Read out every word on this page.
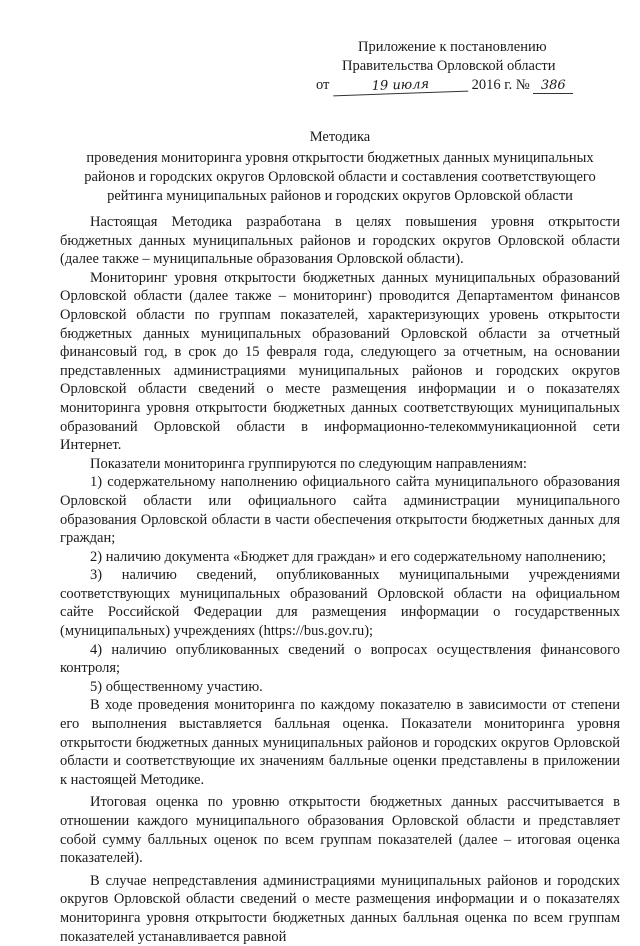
Приложение к постановлению
Правительства Орловской области
от	19 июля	2016 г. № 386
Методика
проведения мониторинга уровня открытости бюджетных данных муниципальных
районов и городских округов Орловской области и составления соответствующего
рейтинга муниципальных районов и городских округов Орловской области

Настоящая Методика разработана в целях повышения уровня открытости бюджетных данных муниципальных районов и городских округов Орловской области (далее также – муниципальные образования Орловской области).

Мониторинг уровня открытости бюджетных данных муниципальных образований Орловской области (далее также – мониторинг) проводится Департаментом финансов Орловской области по группам показателей, характеризующих уровень открытости бюджетных данных муниципальных образований Орловской области за отчетный финансовый год, в срок до 15 февраля года, следующего за отчетным, на основании представленных администрациями муниципальных районов и городских округов Орловской области сведений о месте размещения информации и о показателях мониторинга уровня открытости бюджетных данных соответствующих муниципальных образований Орловской области в информационно-телекоммуникационной сети Интернет.

Показатели мониторинга группируются по следующим направлениям:

1) содержательному наполнению официального сайта муниципального образования Орловской области или официального сайта администрации муниципального образования Орловской области в части обеспечения открытости бюджетных данных для граждан;

2) наличию документа «Бюджет для граждан» и его содержательному наполнению;

3) наличию сведений, опубликованных муниципальными учреждениями соответствующих муниципальных образований Орловской области на официальном сайте Российской Федерации для размещения информации о государственных (муниципальных) учреждениях (https://bus.gov.ru);

4) наличию опубликованных сведений о вопросах осуществления финансового контроля;

5) общественному участию.

В ходе проведения мониторинга по каждому показателю в зависимости от степени его выполнения выставляется балльная оценка. Показатели мониторинга уровня открытости бюджетных данных муниципальных районов и городских округов Орловской области и соответствующие их значениям балльные оценки представлены в приложении к настоящей Методике.

Итоговая оценка по уровню открытости бюджетных данных рассчитывается в отношении каждого муниципального образования Орловской области и представляет собой сумму балльных оценок по всем группам показателей (далее – итоговая оценка показателей).

В случае непредставления администрациями муниципальных районов и городских округов Орловской области сведений о месте размещения информации и о показателях мониторинга уровня открытости бюджетных данных балльная оценка по всем группам показателей устанавливается равной
